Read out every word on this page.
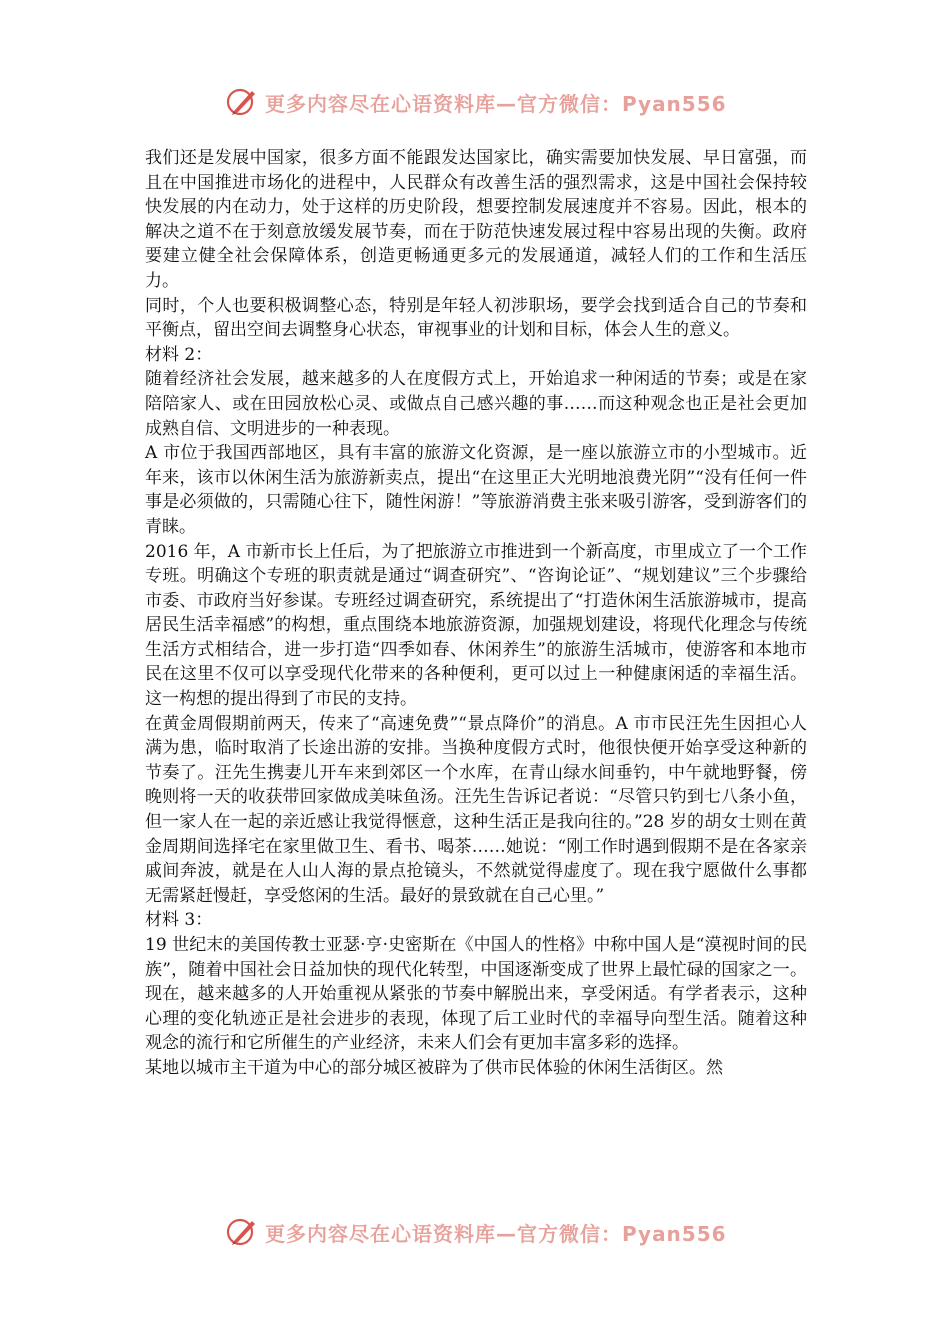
更多内容尽在心语资料库—官方微信：Pyan556

我们还是发展中国家，很多方面不能跟发达国家比，确实需要加快发展、早日富强，而且在中国推进市场化的进程中，人民群众有改善生活的强烈需求，这是中国社会保持较快发展的内在动力，处于这样的历史阶段，想要控制发展速度并不容易。因此，根本的解决之道不在于刻意放缓发展节奏，而在于防范快速发展过程中容易出现的失衡。政府要建立健全社会保障体系，创造更畅通更多元的发展通道，减轻人们的工作和生活压力。

同时，个人也要积极调整心态，特别是年轻人初涉职场，要学会找到适合自己的节奏和平衡点，留出空间去调整身心状态，审视事业的计划和目标，体会人生的意义。

材料 2：

随着经济社会发展，越来越多的人在度假方式上，开始追求一种闲适的节奏；或是在家陪陪家人、或在田园放松心灵、或做点自己感兴趣的事……而这种观念也正是社会更加成熟自信、文明进步的一种表现。

A 市位于我国西部地区，具有丰富的旅游文化资源，是一座以旅游立市的小型城市。近年来，该市以休闲生活为旅游新卖点，提出“在这里正大光明地浪费光阴”“没有任何一件事是必须做的，只需随心往下，随性闲游！”等旅游消费主张来吸引游客，受到游客们的青睐。

2016 年，A 市新市长上任后，为了把旅游立市推进到一个新高度，市里成立了一个工作专班。明确这个专班的职责就是通过“调查研究”、“咨询论证”、“规划建议”三个步骤给市委、市政府当好参谋。专班经过调查研究，系统提出了“打造休闲生活旅游城市，提高居民生活幸福感”的构想，重点围绕本地旅游资源，加强规划建设，将现代化理念与传统生活方式相结合，进一步打造“四季如春、休闲养生”的旅游生活城市，使游客和本地市民在这里不仅可以享受现代化带来的各种便利，更可以过上一种健康闲适的幸福生活。这一构想的提出得到了市民的支持。

在黄金周假期前两天，传来了“高速免费”“景点降价”的消息。A 市市民汪先生因担心人满为患，临时取消了长途出游的安排。当换种度假方式时，他很快便开始享受这种新的节奏了。汪先生携妻儿开车来到郊区一个水库，在青山绿水间垂钓，中午就地野餐，傍晚则将一天的收获带回家做成美味鱼汤。汪先生告诉记者说：“尽管只钓到七八条小鱼，但一家人在一起的亲近感让我觉得惬意，这种生活正是我向往的。”28 岁的胡女士则在黄金周期间选择宅在家里做卫生、看书、喝茶……她说：“刚工作时遇到假期不是在各家亲戚间奔波，就是在人山人海的景点抢镜头，不然就觉得虚度了。现在我宁愿做什么事都无需紧赶慢赶，享受悠闲的生活。最好的景致就在自己心里。”

材料 3：

19 世纪末的美国传教士亚瑟·亨·史密斯在《中国人的性格》中称中国人是“漠视时间的民族”，随着中国社会日益加快的现代化转型，中国逐渐变成了世界上最忙碌的国家之一。现在，越来越多的人开始重视从紧张的节奏中解脱出来，享受闲适。有学者表示，这种心理的变化轨迹正是社会进步的表现，体现了后工业时代的幸福导向型生活。随着这种观念的流行和它所催生的产业经济，未来人们会有更加丰富多彩的选择。

某地以城市主干道为中心的部分城区被辟为了供市民体验的休闲生活街区。然

更多内容尽在心语资料库—官方微信：Pyan556
